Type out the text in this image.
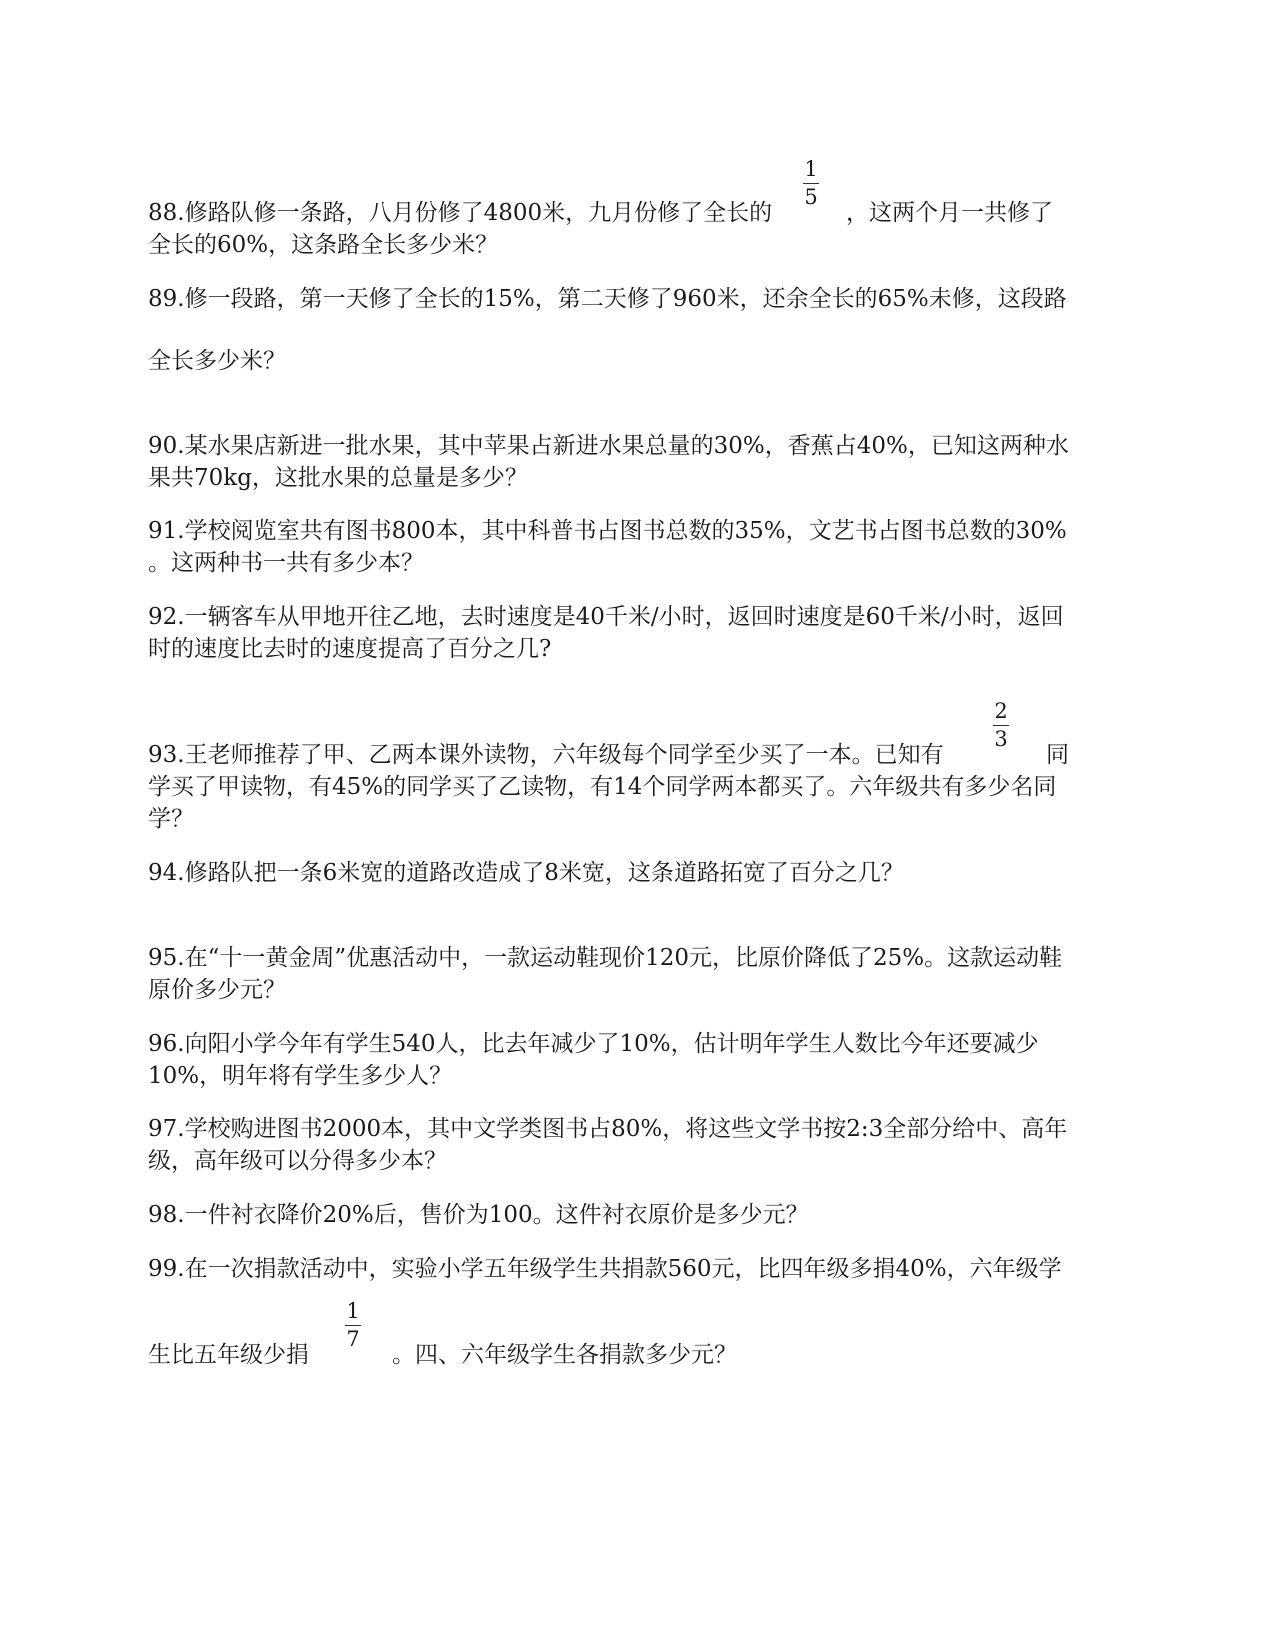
88.修路队修一条路，八月份修了4800米，九月份修了全长的
1
5
，这两个月一共修了
全长的60%，这条路全长多少米？
89.修一段路，第一天修了全长的15%，第二天修了960米，还余全长的65%未修，这段路
全长多少米？
90.某水果店新进一批水果，其中苹果占新进水果总量的30%，香蕉占40%，已知这两种水
果共70kg，这批水果的总量是多少？
91.学校阅览室共有图书800本，其中科普书占图书总数的35%，文艺书占图书总数的30%
。这两种书一共有多少本？
92.一辆客车从甲地开往乙地，去时速度是40千米/小时，返回时速度是60千米/小时，返回
时的速度比去时的速度提高了百分之几?
93.王老师推荐了甲、乙两本课外读物，六年级每个同学至少买了一本。已知有
2
3
同
学买了甲读物，有45%的同学买了乙读物，有14个同学两本都买了。六年级共有多少名同
学？
94.修路队把一条6米宽的道路改造成了8米宽，这条道路拓宽了百分之几？
95.在“十一黄金周”优惠活动中，一款运动鞋现价120元，比原价降低了25%。这款运动鞋
原价多少元？
96.向阳小学今年有学生540人，比去年减少了10%，估计明年学生人数比今年还要减少
10%，明年将有学生多少人？
97.学校购进图书2000本，其中文学类图书占80%，将这些文学书按2:3全部分给中、高年
级，高年级可以分得多少本？
98.一件衬衣降价20%后，售价为100。这件衬衣原价是多少元？
99.在一次捐款活动中，实验小学五年级学生共捐款560元，比四年级多捐40%，六年级学
生比五年级少捐
1
7
。四、六年级学生各捐款多少元？
